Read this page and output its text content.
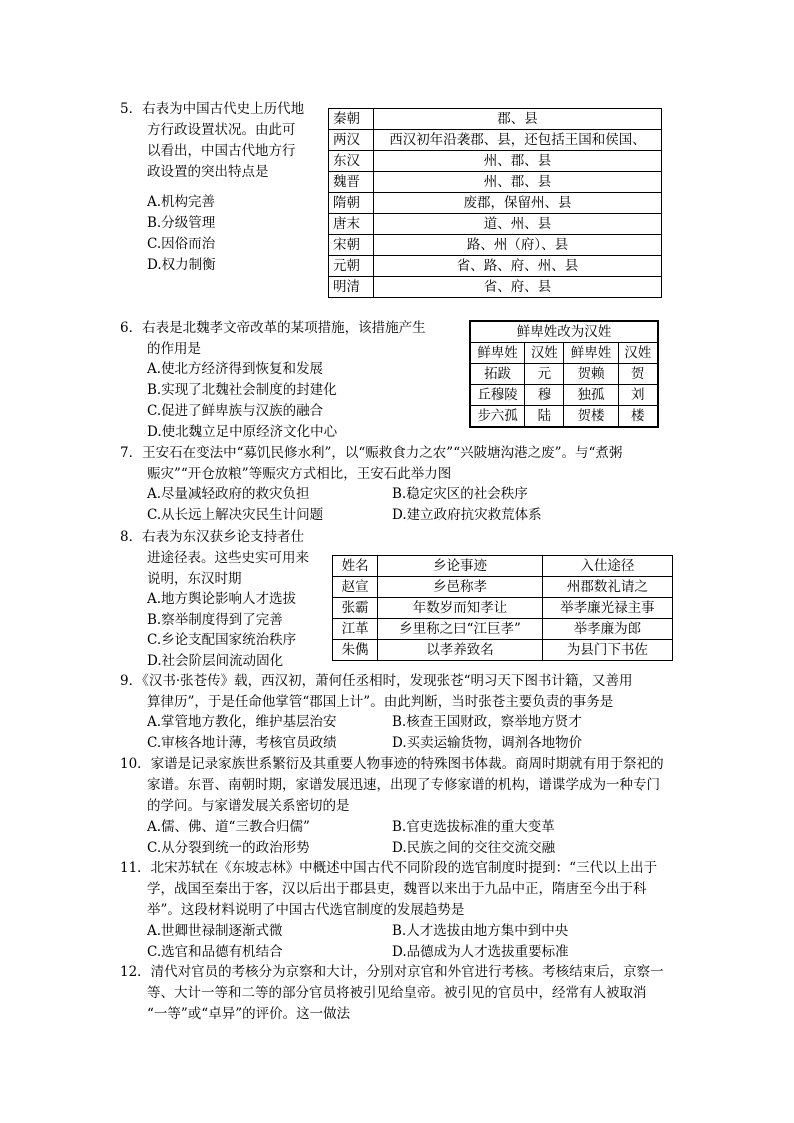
5．右表为中国古代史上历代地
方行政设置状况。由此可
以看出，中国古代地方行
政设置的突出特点是
A.机构完善
B.分级管理
C.因俗而治
D.权力制衡
秦朝	郡、县
两汉	西汉初年沿袭郡、县，还包括王国和侯国、
东汉	州、郡、县
魏晋	州、郡、县
隋朝	废郡，保留州、县
唐末	道、州、县
宋朝	路、州（府）、县
元朝	省、路、府、州、县
明清	省、府、县
6．右表是北魏孝文帝改革的某项措施，该措施产生
的作用是
A.使北方经济得到恢复和发展
B.实现了北魏社会制度的封建化
C.促进了鲜卑族与汉族的融合
D.使北魏立足中原经济文化中心
鲜卑姓改为汉姓			
鲜卑姓	汉姓	鲜卑姓	汉姓
拓跋	元	贺赖	贺
丘穆陵	穆	独孤	刘
步六孤	陆	贺楼	楼
7．王安石在变法中“募饥民修水利”，以“赈救食力之农”“兴陂塘沟港之废”。与“煮粥
赈灾”“开仓放粮”等赈灾方式相比，王安石此举力图
A.尽量减轻政府的救灾负担	B.稳定灾区的社会秩序
C.从长远上解决灾民生计问题	D.建立政府抗灾救荒体系
8．右表为东汉获乡论支持者仕
进途径表。这些史实可用来
说明，东汉时期
A.地方舆论影响人才选拔
B.察举制度得到了完善
C.乡论支配国家统治秩序
D.社会阶层间流动固化
姓名	乡论事迹	入仕途径
赵宣	乡邑称孝	州郡数礼请之
张霸	年数岁而知孝让	举孝廉光禄主事
江革	乡里称之曰“江巨孝”	举孝廉为郎
朱儁	以孝养致名	为县门下书佐
9．《汉书·张苍传》载，西汉初，萧何任丞相时，发现张苍“明习天下图书计籍，又善用
算律历”，于是任命他掌管“郡国上计”。由此判断，当时张苍主要负责的事务是
A.掌管地方教化，维护基层治安	B.核查王国财政，察举地方贤才
C.审核各地计薄，考核官员政绩	D.买卖运输货物，调剂各地物价
10．家谱是记录家族世系繁衍及其重要人物事迹的特殊图书体裁。商周时期就有用于祭祀的
家谱。东晋、南朝时期，家谱发展迅速，出现了专修家谱的机构，谱谍学成为一种专门
的学问。与家谱发展关系密切的是
A.儒、佛、道“三教合归儒”	B.官吏选拔标准的重大变革
C.从分裂到统一的政治形势	D.民族之间的交往交流交融
11．北宋苏轼在《东坡志林》中概述中国古代不同阶段的选官制度时提到：“三代以上出于
学，战国至秦出于客，汉以后出于郡县吏，魏晋以来出于九品中正，隋唐至今出于科
举”。这段材料说明了中国古代选官制度的发展趋势是
A.世卿世禄制逐渐式微	B.人才选拔由地方集中到中央
C.选官和品德有机结合	D.品德成为人才选拔重要标准
12．清代对官员的考核分为京察和大计，分别对京官和外官进行考核。考核结束后，京察一
等、大计一等和二等的部分官员将被引见给皇帝。被引见的官员中，经常有人被取消
“一等”或“卓异”的评价。这一做法
